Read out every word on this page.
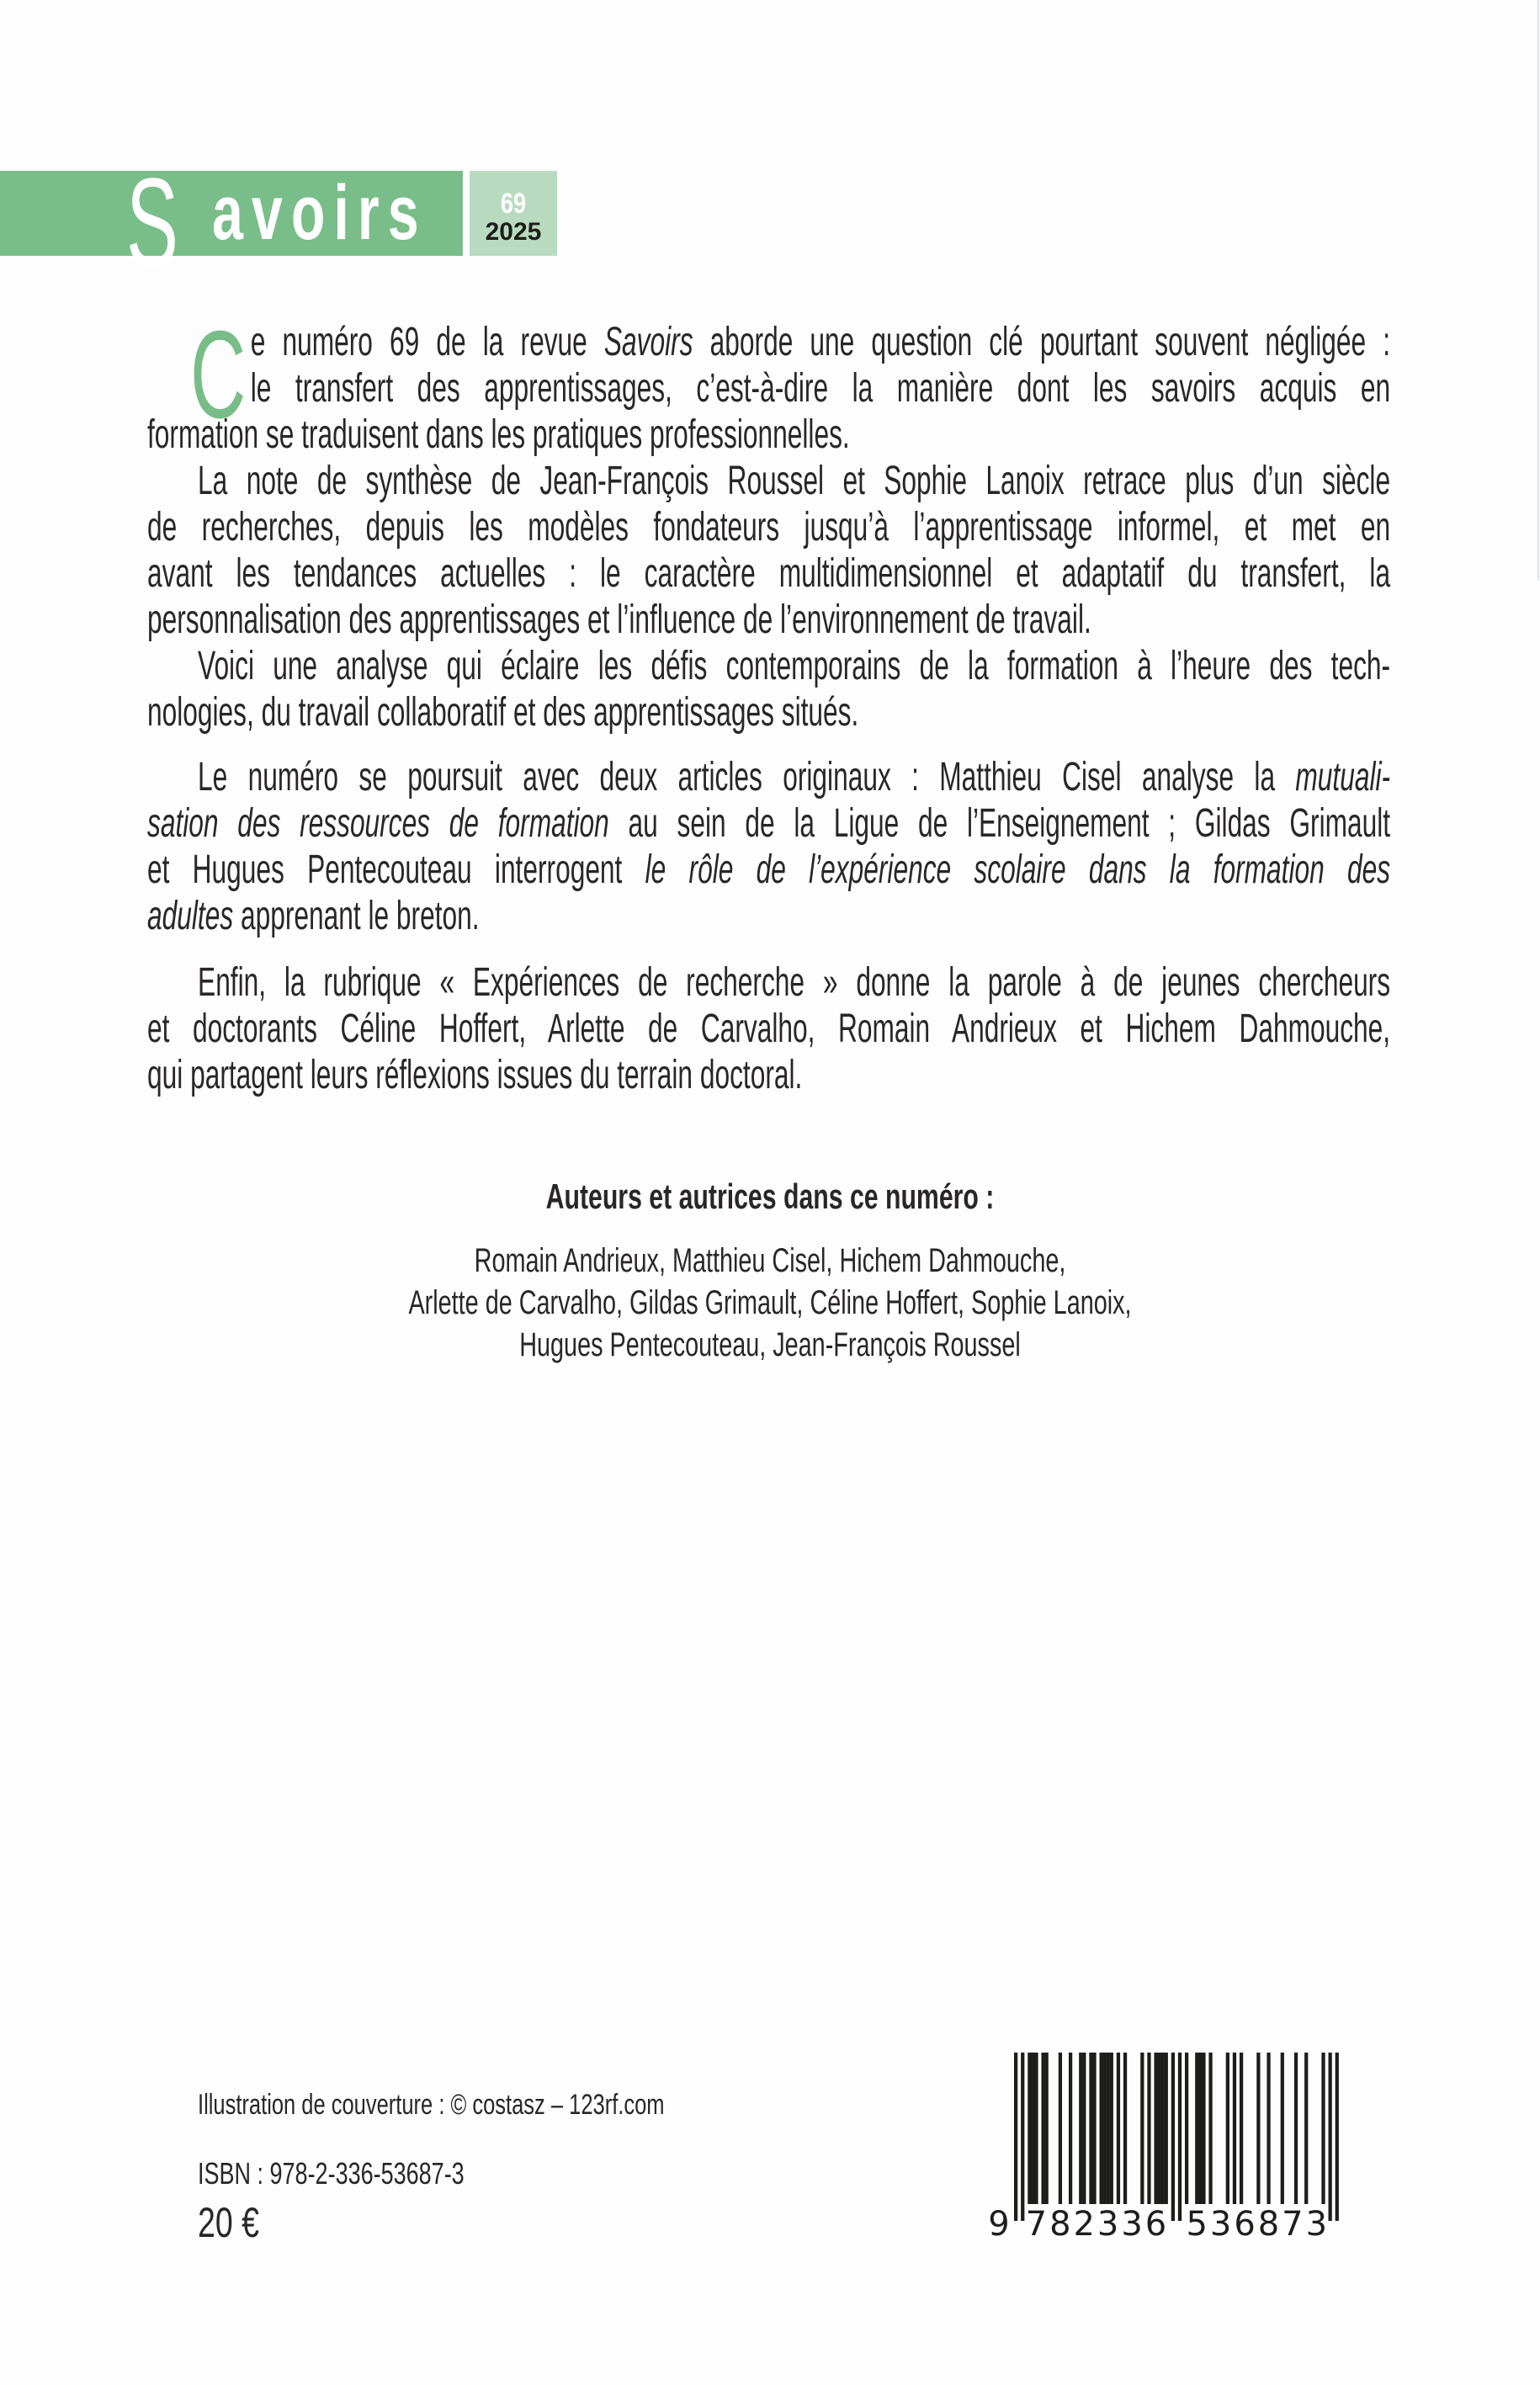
S avoirs	69
2025
C e numéro 69 de la revue Savoirs aborde une question clé pourtant souvent négligée :
le transfert des apprentissages, c’est-à-dire la manière dont les savoirs acquis en
formation se traduisent dans les pratiques professionnelles.
La note de synthèse de Jean-François Roussel et Sophie Lanoix retrace plus d’un siècle
de recherches, depuis les modèles fondateurs jusqu’à l’apprentissage informel, et met en
avant les tendances actuelles : le caractère multidimensionnel et adaptatif du transfert, la
personnalisation des apprentissages et l’influence de l’environnement de travail.
Voici une analyse qui éclaire les défis contemporains de la formation à l’heure des tech-
nologies, du travail collaboratif et des apprentissages situés.
Le numéro se poursuit avec deux articles originaux : Matthieu Cisel analyse la mutuali-
sation des ressources de formation au sein de la Ligue de l’Enseignement ; Gildas Grimault
et Hugues Pentecouteau interrogent le rôle de l’expérience scolaire dans la formation des
adultes apprenant le breton.
Enfin, la rubrique « Expériences de recherche » donne la parole à de jeunes chercheurs
et doctorants Céline Hoffert, Arlette de Carvalho, Romain Andrieux et Hichem Dahmouche,
qui partagent leurs réflexions issues du terrain doctoral.
Auteurs et autrices dans ce numéro :
Romain Andrieux, Matthieu Cisel, Hichem Dahmouche,
Arlette de Carvalho, Gildas Grimault, Céline Hoffert, Sophie Lanoix,
Hugues Pentecouteau, Jean-François Roussel
Illustration de couverture : © costasz – 123rf.com
ISBN : 978-2-336-53687-3
20 €	9 7 8 2 3 3 6 5 3 6 8 7 3
